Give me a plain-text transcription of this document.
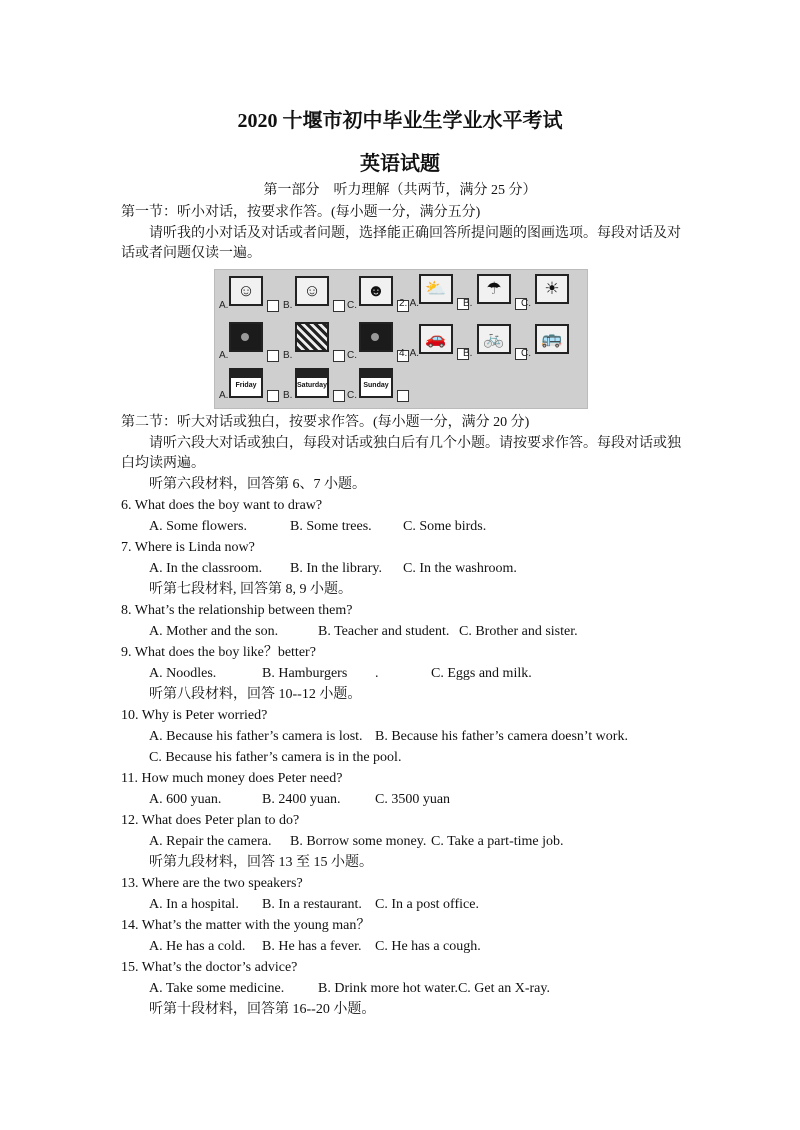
2020 十堰市初中毕业生学业水平考试
英语试题
第一部分　听力理解（共两节，满分 25 分）
第一节：听小对话，按要求作答。(每小题一分，满分五分)
请听我的小对话及对话或者问题，选择能正确回答所提问题的图画选项。每段对话及对
话或者问题仅读一遍。
A.
☺
B.
☺
C.
☻
2. A.
⛅
B.
☂
C.
☀
A.	B.	C.	4. A.
🚗
B.
🚲
C.
🚌
A.
Friday
B.
Saturday
C.
Sunday
第二节：听大对话或独白，按要求作答。(每小题一分，满分 20 分)
请听六段大对话或独白，每段对话或独白后有几个小题。请按要求作答。每段对话或独
白均读两遍。
听第六段材料，回答第 6、7 小题。
6. What does the boy want to draw?
A. Some flowers.	B. Some trees. C. Some birds.
7. Where is Linda now?
A. In the classroom. B. In the library. C. In the washroom.
听第七段材料, 回答第 8, 9 小题。
8. What’s the relationship between them?
A. Mother and the son.	B. Teacher and student. C. Brother and sister.
9. What does the boy like？better?
A. Noodles.	B. Hamburgers .	C. Eggs and milk.
听第八段材料，回答 10--12 小题。
10. Why is Peter worried?
A. Because his father’s camera is lost. B. Because his father’s camera doesn’t work.
C. Because his father’s camera is in the pool.
11. How much money does Peter need?
A. 600 yuan.	B. 2400 yuan. C. 3500 yuan
12. What does Peter plan to do?
A. Repair the camera. B. Borrow some money. C. Take a part-time job.
听第九段材料，回答 13 至 15 小题。
13. Where are the two speakers?
A. In a hospital. B. In a restaurant. C. In a post office.
14. What’s the matter with the young man？
A. He has a cold. B. He has a fever. C. He has a cough.
15. What’s the doctor’s advice?
A. Take some medicine. B. Drink more hot water.C. Get an X-ray.
听第十段材料，回答第 16--20 小题。
